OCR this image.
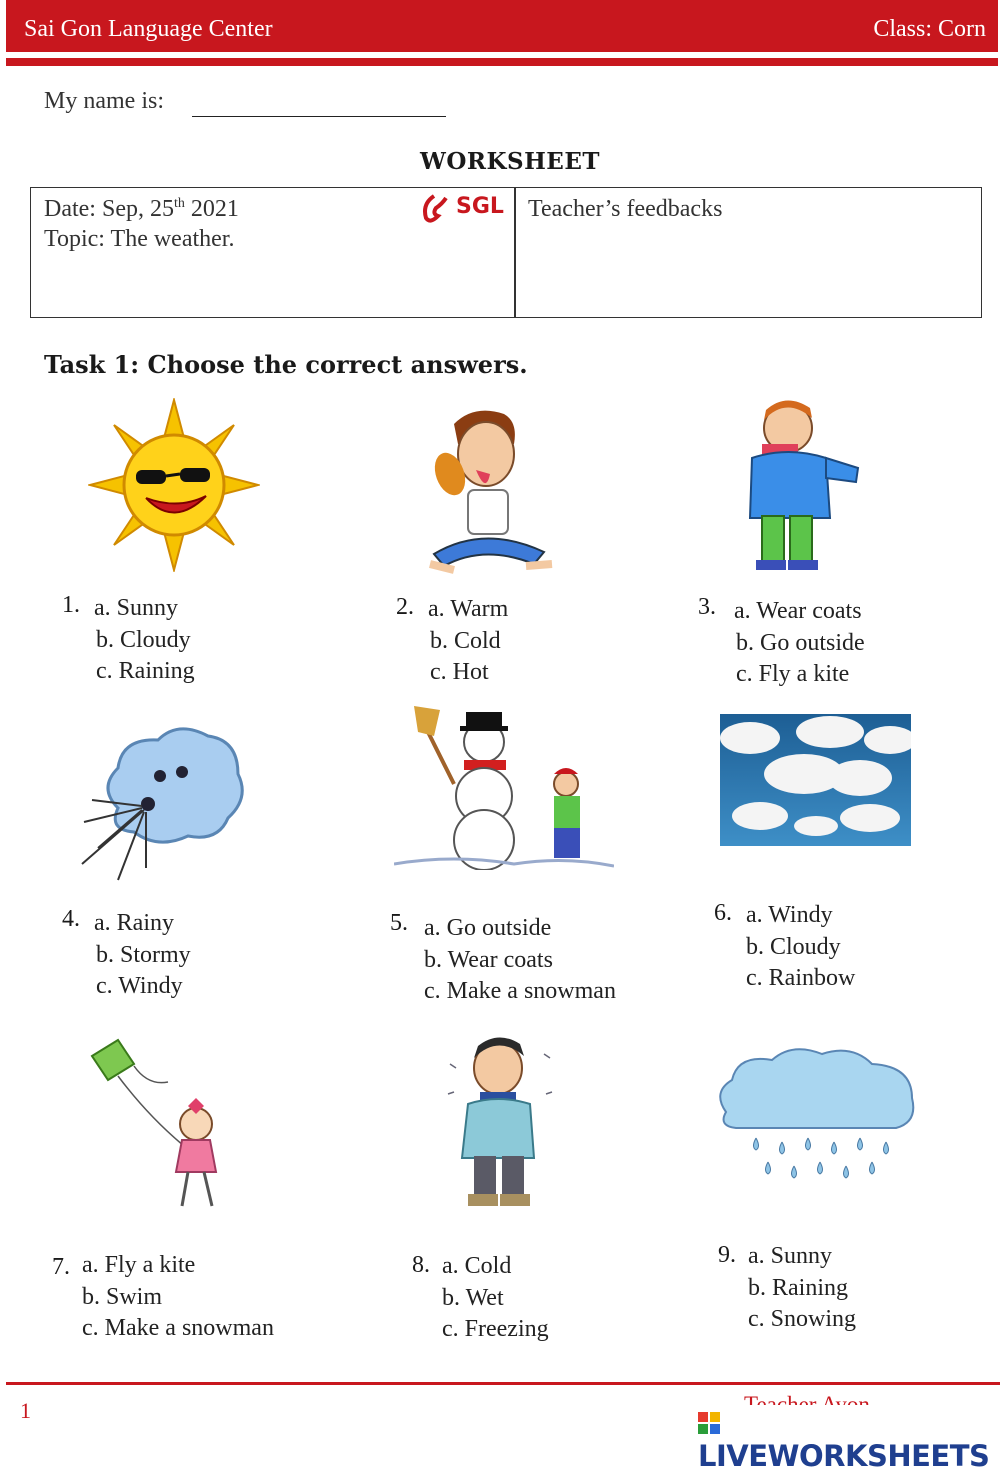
Sai Gon Language Center	Class: Corn
My name is:
WORKSHEET
Date: Sep, 25th 2021
Topic: The weather.
SGL Teacher’s feedbacks
Task 1: Choose the correct answers.
1.	2.	3.
4.	5.	6.
7.	8.	9.
a. Sunny
b. Cloudy
c. Raining
a. Warm
b. Cold
c. Hot
a. Wear coats
b. Go outside
c. Fly a kite
a. Rainy
b. Stormy
c. Windy
a. Go outside
b. Wear coats
c. Make a snowman
a. Windy
b. Cloudy
c. Rainbow
a. Fly a kite
b. Swim
c. Make a snowman
a. Cold
b. Wet
c. Freezing
a. Sunny
b. Raining
c. Snowing
1
LIVEWORKSHEETS
